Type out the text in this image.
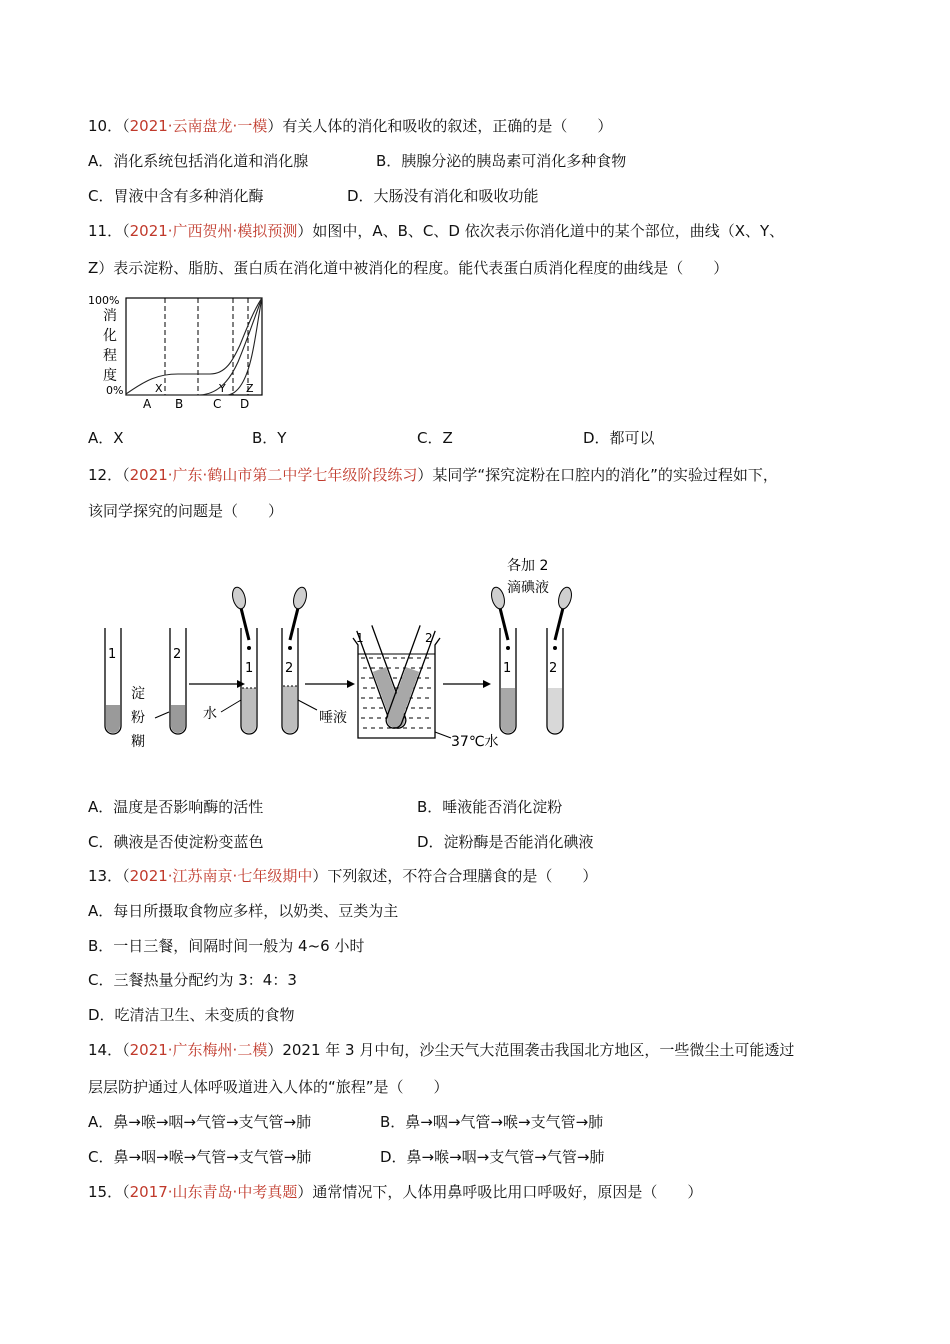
10．（2021·云南盘龙·一模）有关人体的消化和吸收的叙述，正确的是（　　）
A．消化系统包括消化道和消化腺	B．胰腺分泌的胰岛素可消化多种食物
C．胃液中含有多种消化酶	D．大肠没有消化和吸收功能
11．（2021·广西贺州·模拟预测）如图中，A、B、C、D 依次表示你消化道中的某个部位，曲线（X、Y、
Z）表示淀粉、脂肪、蛋白质在消化道中被消化的程度。能代表蛋白质消化程度的曲线是（　　）
100%
消
化
程
度
0%	X	Y Z
A B C D
A．X	B．Y	C．Z	D．都可以
12．（2021·广东·鹤山市第二中学七年级阶段练习）某同学“探究淀粉在口腔内的消化”的实验过程如下，
该同学探究的问题是（　　）
1	2
淀
粉
糊
1
水
2
唾液
1	2
37℃水
1	2
各加 2
滴碘液
A．温度是否影响酶的活性	B．唾液能否消化淀粉
C．碘液是否使淀粉变蓝色	D．淀粉酶是否能消化碘液
13．（2021·江苏南京·七年级期中）下列叙述，不符合合理膳食的是（　　）
A．每日所摄取食物应多样，以奶类、豆类为主
B．一日三餐，间隔时间一般为 4~6 小时
C．三餐热量分配约为 3：4：3
D．吃清洁卫生、未变质的食物
14．（2021·广东梅州·二模）2021 年 3 月中旬，沙尘天气大范围袭击我国北方地区，一些微尘土可能透过
层层防护通过人体呼吸道进入人体的“旅程”是（　　）
A．鼻→喉→咽→气管→支气管→肺	B．鼻→咽→气管→喉→支气管→肺
C．鼻→咽→喉→气管→支气管→肺	D．鼻→喉→咽→支气管→气管→肺
15．（2017·山东青岛·中考真题）通常情况下，人体用鼻呼吸比用口呼吸好，原因是（　　）
